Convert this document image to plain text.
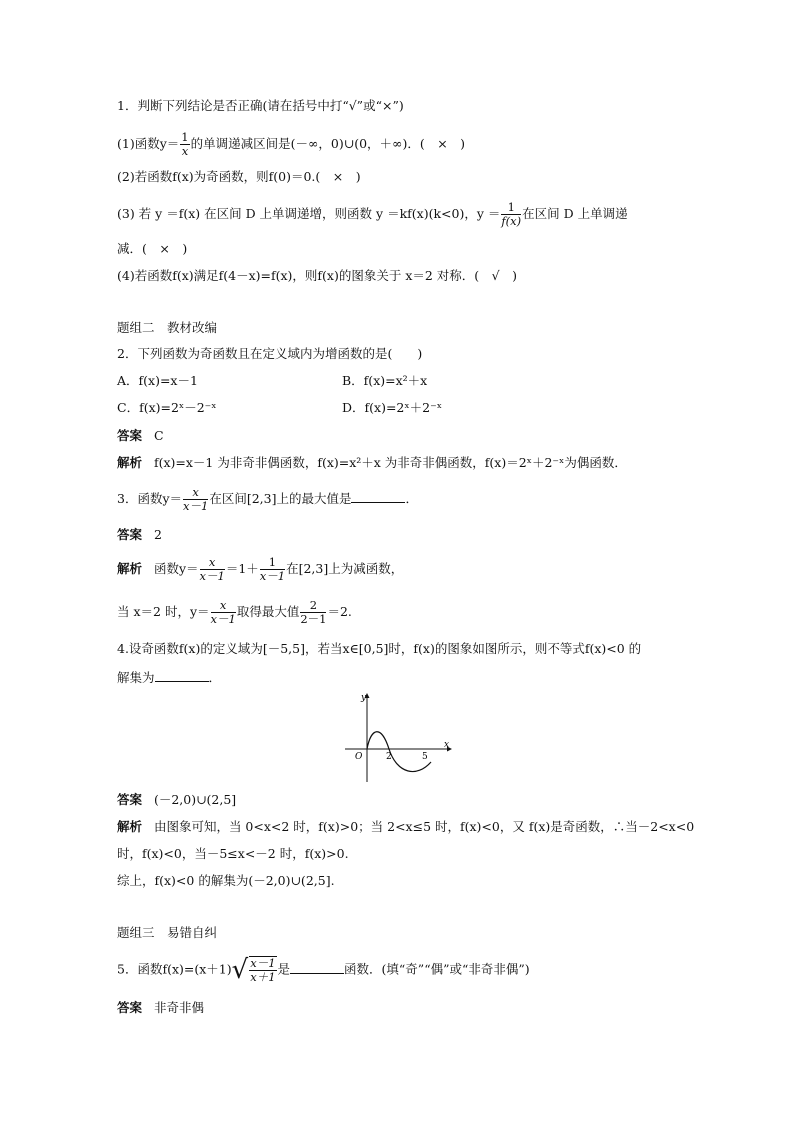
1．判断下列结论是否正确(请在括号中打“√”或“×”)
(1)函数$y= \frac{1}{x}$ 的单调递减区间是(－∞，0)∪(0，＋∞)．(　×　)
(2)若函数f(x)为奇函数，则f(0)＝0.(　×　)
(3) 若 y ＝f(x) 在区间 D 上单调递增，则函数 y ＝kf(x)(k<0)，$y = \frac{1}{f(x)}$ 在区间 D 上单调递
减．(　×　)
(4)若函数f(x)满足f(4－x)=f(x)，则f(x)的图象关于 x＝2 对称．(　√　)
题组二　教材改编
2．下列函数为奇函数且在定义域内为增函数的是(　　)
A．f(x)=x－1	B．f(x)=x²＋x
C．f(x)=2ˣ－2⁻ˣ	D．f(x)=2ˣ＋2⁻ˣ
答案 C
解析 f(x)=x－1 为非奇非偶函数，f(x)=x²＋x 为非奇非偶函数，f(x)＝2ˣ＋2⁻ˣ为偶函数．
3．函数$y= \frac{x}{x-1}$ 在区间[2,3]上的最大值是	．
答案 2
解析 函数$y= \frac{x}{x-1} =1+ \frac{1}{x-1}$ 在[2,3]上为减函数，
当 x＝2 时，$y= \frac{x}{x-1}$ 取得最大值 $\frac{2}{2-1} =2$.
4.设奇函数f(x)的定义域为[－5,5]，若当x∈[0,5]时，f(x)的图象如图所示，则不等式f(x)<0 的
解集为	．
y
x
O	2	5
答案 (－2,0)∪(2,5]
解析 由图象可知，当 0<x<2 时，f(x)>0；当 2<x≤5 时，f(x)<0，又 f(x)是奇函数，∴当－2<x<0
时，f(x)<0，当－5≤x<－2 时，f(x)>0.
综上，f(x)<0 的解集为(－2,0)∪(2,5].
题组三　易错自纠
5．函数$f(x)=(x+1)√ \frac{x-1}{x+1}$ 是	函数．(填“奇”“偶”或“非奇非偶”)
答案 非奇非偶
